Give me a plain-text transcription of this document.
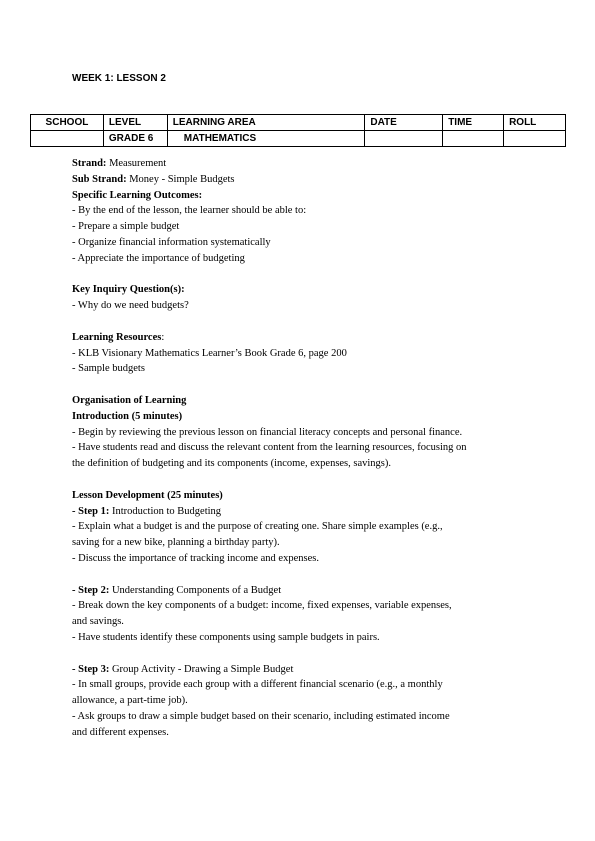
WEEK 1: LESSON 2
SCHOOL	LEVEL	LEARNING AREA	DATE	TIME	ROLL
	GRADE 6	MATHEMATICS			

Strand: Measurement

Sub Strand: Money - Simple Budgets

Specific Learning Outcomes:

- By the end of the lesson, the learner should be able to:

- Prepare a simple budget

- Organize financial information systematically

- Appreciate the importance of budgeting

Key Inquiry Question(s):

- Why do we need budgets?

Learning Resources:

- KLB Visionary Mathematics Learner’s Book Grade 6, page 200

- Sample budgets

Organisation of Learning

Introduction (5 minutes)

- Begin by reviewing the previous lesson on financial literacy concepts and personal finance.

- Have students read and discuss the relevant content from the learning resources, focusing on

the definition of budgeting and its components (income, expenses, savings).

Lesson Development (25 minutes)

- Step 1: Introduction to Budgeting

- Explain what a budget is and the purpose of creating one. Share simple examples (e.g.,

saving for a new bike, planning a birthday party).

- Discuss the importance of tracking income and expenses.

- Step 2: Understanding Components of a Budget

- Break down the key components of a budget: income, fixed expenses, variable expenses,

and savings.

- Have students identify these components using sample budgets in pairs.

- Step 3: Group Activity - Drawing a Simple Budget

- In small groups, provide each group with a different financial scenario (e.g., a monthly

allowance, a part-time job).

- Ask groups to draw a simple budget based on their scenario, including estimated income

and different expenses.
